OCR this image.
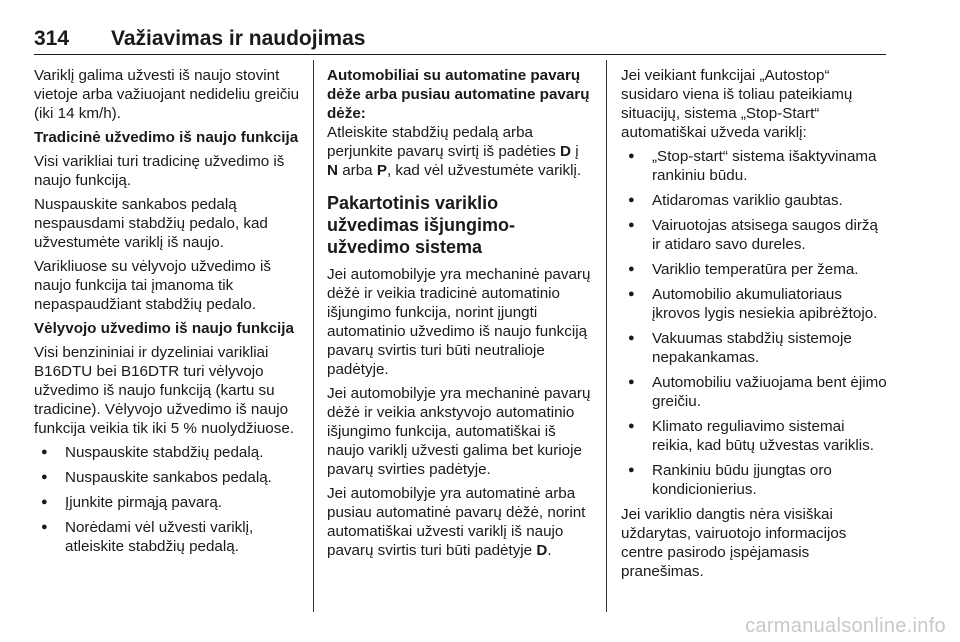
314	Važiavimas ir naudojimas

Variklį galima užvesti iš naujo stovint vietoje arba važiuojant nedideliu greičiu (iki 14 km/h).

Tradicinė užvedimo iš naujo funkcija

Visi varikliai turi tradicinę užvedimo iš naujo funkciją.

Nuspauskite sankabos pedalą nespausdami stabdžių pedalo, kad užvestumėte variklį iš naujo.

Varikliuose su vėlyvojo užvedimo iš naujo funkcija tai įmanoma tik nepaspaudžiant stabdžių pedalo.

Vėlyvojo užvedimo iš naujo funkcija

Visi benzininiai ir dyzeliniai varikliai B16DTU bei B16DTR turi vėlyvojo užvedimo iš naujo funkciją (kartu su tradicine). Vėlyvojo užvedimo iš naujo funkcija veikia tik iki 5 % nuolydžiuose.

● Nuspauskite stabdžių pedalą.
● Nuspauskite sankabos pedalą.
● Įjunkite pirmąją pavarą.
● Norėdami vėl užvesti variklį, atleiskite stabdžių pedalą.

Automobiliai su automatine pavarų dėže arba pusiau automatine pavarų dėže:

Atleiskite stabdžių pedalą arba perjunkite pavarų svirtį iš padėties D į N arba P, kad vėl užvestumėte variklį.

Pakartotinis variklio užvedimas išjungimo-užvedimo sistema

Jei automobilyje yra mechaninė pavarų dėžė ir veikia tradicinė automatinio išjungimo funkcija, norint įjungti automatinio užvedimo iš naujo funkciją pavarų svirtis turi būti neutralioje padėtyje.

Jei automobilyje yra mechaninė pavarų dėžė ir veikia ankstyvojo automatinio išjungimo funkcija, automatiškai iš naujo variklį užvesti galima bet kurioje pavarų svirties padėtyje.

Jei automobilyje yra automatinė arba pusiau automatinė pavarų dėžė, norint automatiškai užvesti variklį iš naujo pavarų svirtis turi būti padėtyje D.

Jei veikiant funkcijai „Autostop“ susidaro viena iš toliau pateikiamų situacijų, sistema „Stop-Start“ automatiškai užveda variklį:

● „Stop-start“ sistema išaktyvinama rankiniu būdu.
● Atidaromas variklio gaubtas.
● Vairuotojas atsisega saugos diržą ir atidaro savo dureles.
● Variklio temperatūra per žema.
● Automobilio akumuliatoriaus įkrovos lygis nesiekia apibrėžtojo.
● Vakuumas stabdžių sistemoje nepakankamas.
● Automobiliu važiuojama bent ėjimo greičiu.
● Klimato reguliavimo sistemai reikia, kad būtų užvestas variklis.
● Rankiniu būdu įjungtas oro kondicionierius.

Jei variklio dangtis nėra visiškai uždarytas, vairuotojo informacijos centre pasirodo įspėjamasis pranešimas.

carmanualsonline.info
